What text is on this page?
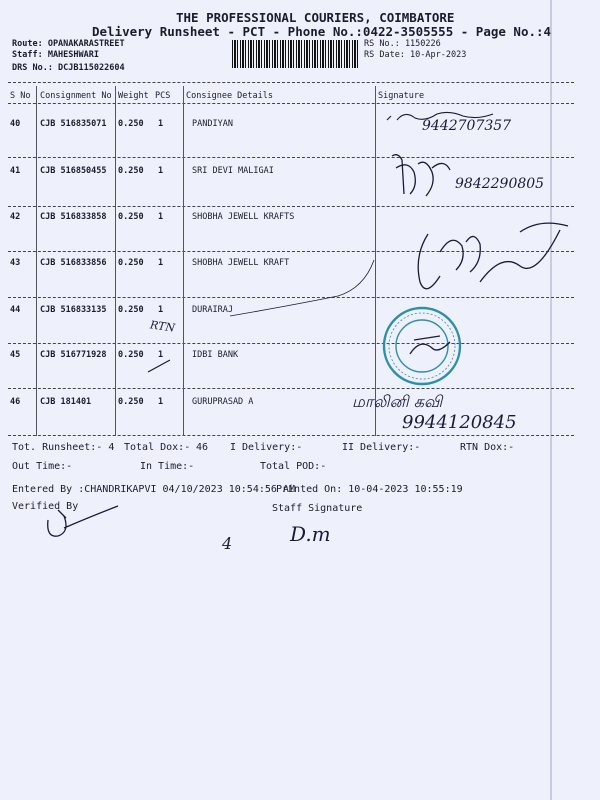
THE PROFESSIONAL COURIERS, COIMBATORE
Delivery Runsheet - PCT - Phone No.:0422-3505555 - Page No.:4
Route: OPANAKARASTREET
Staff: MAHESHWARI
DRS No.: DCJB115022604
RS No.: 1150226
RS Date: 10-Apr-2023
S No Consignment No Weight PCS Consignee Details	Signature
40 CJB 516835071 0.250 1	PANDIYAN
41 CJB 516850455 0.250 1	SRI DEVI MALIGAI
42 CJB 516833858 0.250 1	SHOBHA JEWELL KRAFTS
43 CJB 516833856 0.250 1	SHOBHA JEWELL KRAFT
44 CJB 516833135 0.250 1	DURAIRAJ
45 CJB 516771928 0.250 1	IDBI BANK
46 CJB 181401	0.250 1	GURUPRASAD A
9442707357
9842290805
RTN
மாலினி கவி
9944120845
Tot. Runsheet:- 4 Total Dox:- 46 I Delivery:-	II Delivery:-	RTN Dox:-
Out Time:-	In Time:-	Total POD:-
Entered By :CHANDRIKAPVI 04/10/2023 10:54:56 AM
Printed On: 10-04-2023 10:55:19
Verified By	Staff Signature
4	D.m
